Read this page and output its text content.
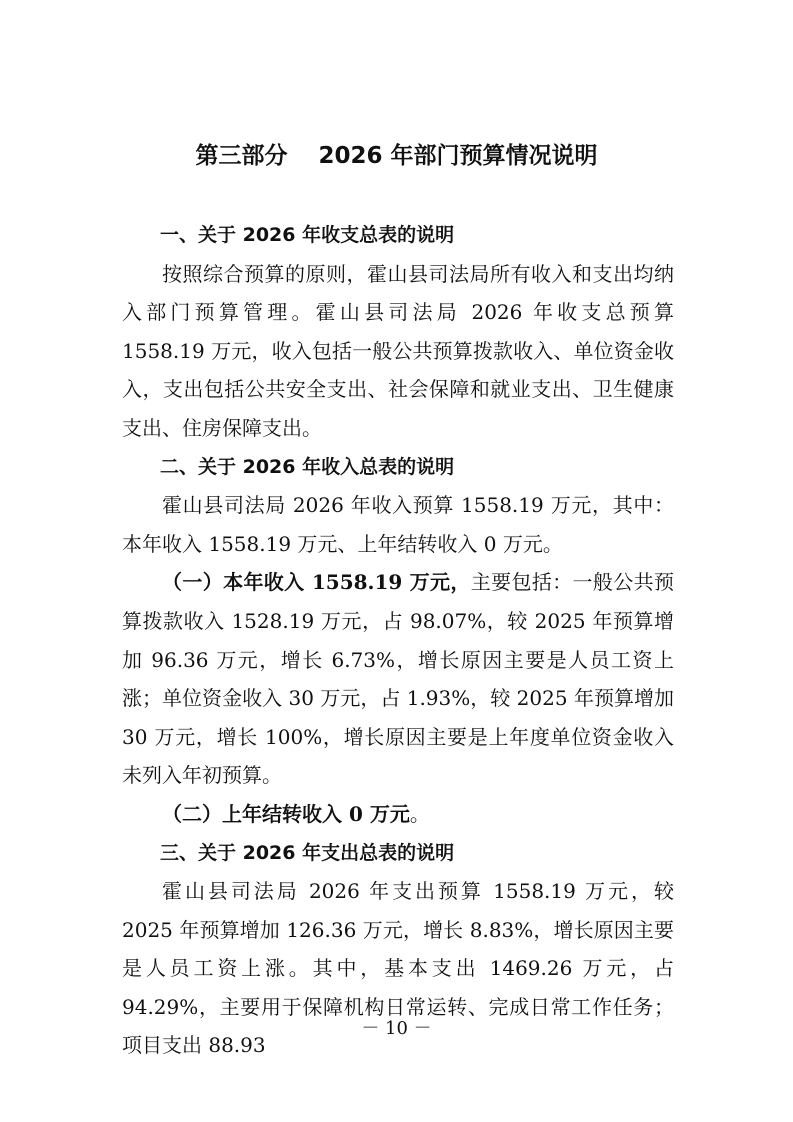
第三部分　 2026 年部门预算情况说明

一、关于 2026 年收支总表的说明

按照综合预算的原则，霍山县司法局所有收入和支出均纳入部门预算管理。霍山县司法局 2026 年收支总预算 1558.19 万元，收入包括一般公共预算拨款收入、单位资金收入，支出包括公共安全支出、社会保障和就业支出、卫生健康支出、住房保障支出。

二、关于 2026 年收入总表的说明

霍山县司法局 2026 年收入预算 1558.19 万元，其中：本年收入 1558.19 万元、上年结转收入 0 万元。

（一）本年收入 1558.19 万元，主要包括：一般公共预算拨款收入 1528.19 万元，占 98.07%，较 2025 年预算增加 96.36 万元，增长 6.73%，增长原因主要是人员工资上涨；单位资金收入 30 万元，占 1.93%，较 2025 年预算增加 30 万元，增长 100%，增长原因主要是上年度单位资金收入未列入年初预算。

（二）上年结转收入 0 万元。

三、关于 2026 年支出总表的说明

霍山县司法局 2026 年支出预算 1558.19 万元，较 2025 年预算增加 126.36 万元，增长 8.83%，增长原因主要是人员工资上涨。其中，基本支出 1469.26 万元，占 94.29%，主要用于保障机构日常运转、完成日常工作任务；项目支出 88.93

－ 10 －
